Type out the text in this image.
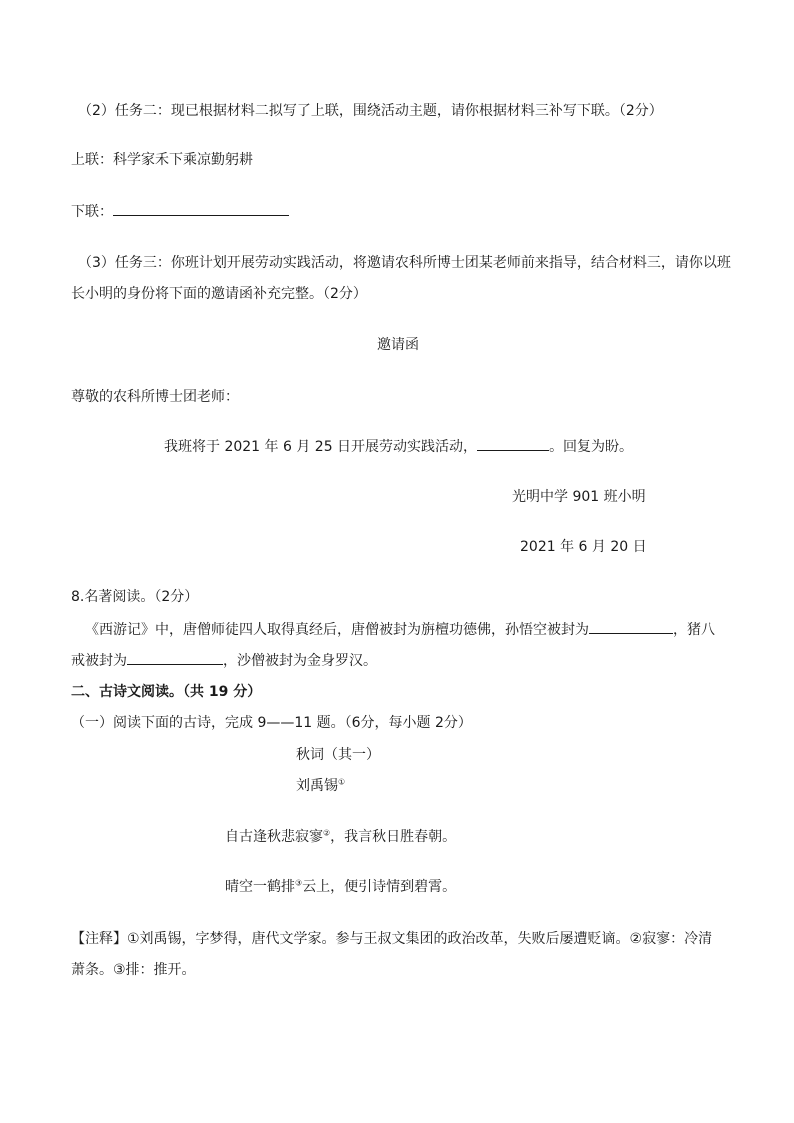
（2）任务二：现已根据材料二拟写了上联，围绕活动主题，请你根据材料三补写下联。（2分）
上联：科学家禾下乘凉勤躬耕
下联：
（3）任务三：你班计划开展劳动实践活动，将邀请农科所博士团某老师前来指导，结合材料三，请你以班
长小明的身份将下面的邀请函补充完整。（2分）
邀请函
尊敬的农科所博士团老师：
我班将于 2021 年 6 月 25 日开展劳动实践活动，	。回复为盼。
光明中学 901 班小明
2021 年 6 月 20 日
8.名著阅读。（2分）
《西游记》中，唐僧师徒四人取得真经后，唐僧被封为旃檀功德佛，孙悟空被封为	，猪八
戒被封为	，沙僧被封为金身罗汉。
二、古诗文阅读。（共 19 分）
（一）阅读下面的古诗，完成 9——11 题。（6分，每小题 2分）
秋词（其一）
刘禹锡①
自古逢秋悲寂寥②，我言秋日胜春朝。
晴空一鹤排③云上，便引诗情到碧霄。
【注释】①刘禹锡，字梦得，唐代文学家。参与王叔文集团的政治改革，失败后屡遭贬谪。②寂寥：冷清
萧条。③排：推开。
